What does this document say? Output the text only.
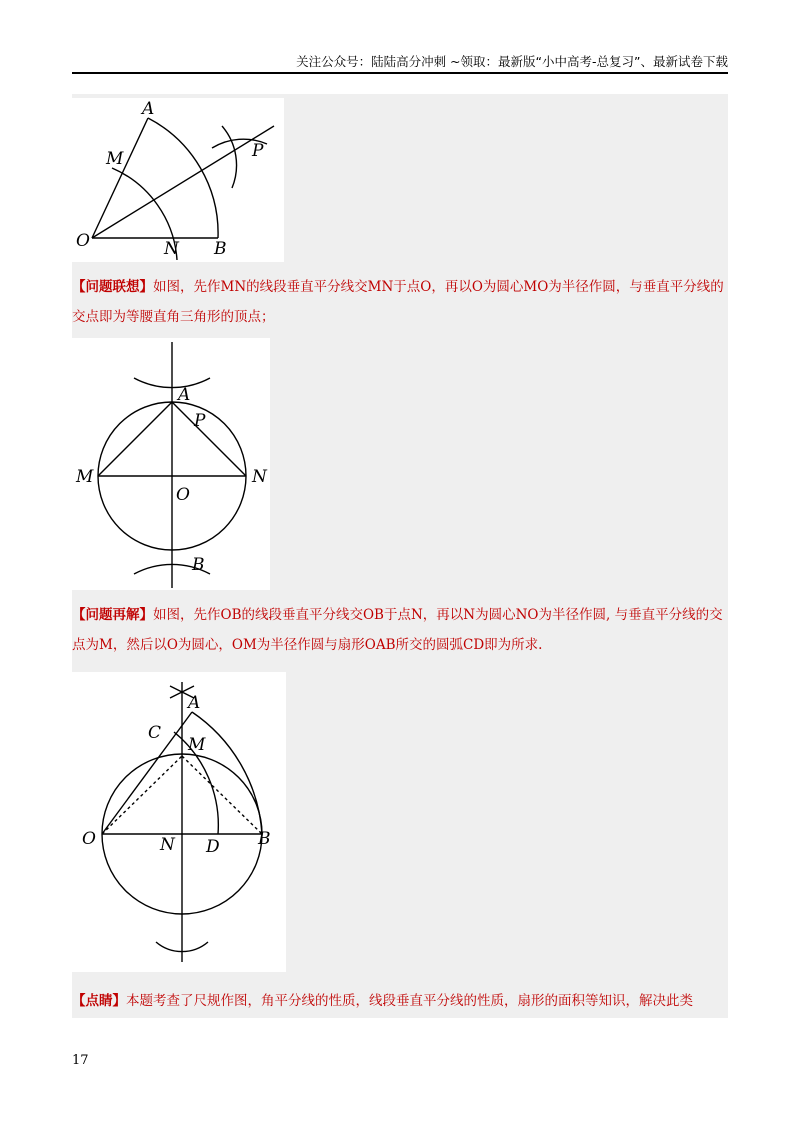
关注公众号：陆陆高分冲刺 ~领取：最新版“小中高考-总复习”、最新试卷下载
A
M	P
O	N B
【问题联想】如图，先作MN的线段垂直平分线交MN于点O，再以O为圆心MO为半径作圆，与垂直平分线的交点即为等腰直角三角形的顶点；
A
P
M	N
O
B
【问题再解】如图，先作OB的线段垂直平分线交OB于点N，再以N为圆心NO为半径作圆, 与垂直平分线的交点为M，然后以O为圆心，OM为半径作圆与扇形OAB所交的圆弧CD即为所求.
A
C
M
O	N D B
【点睛】本题考查了尺规作图，角平分线的性质，线段垂直平分线的性质，扇形的面积等知识，解决此类
17
